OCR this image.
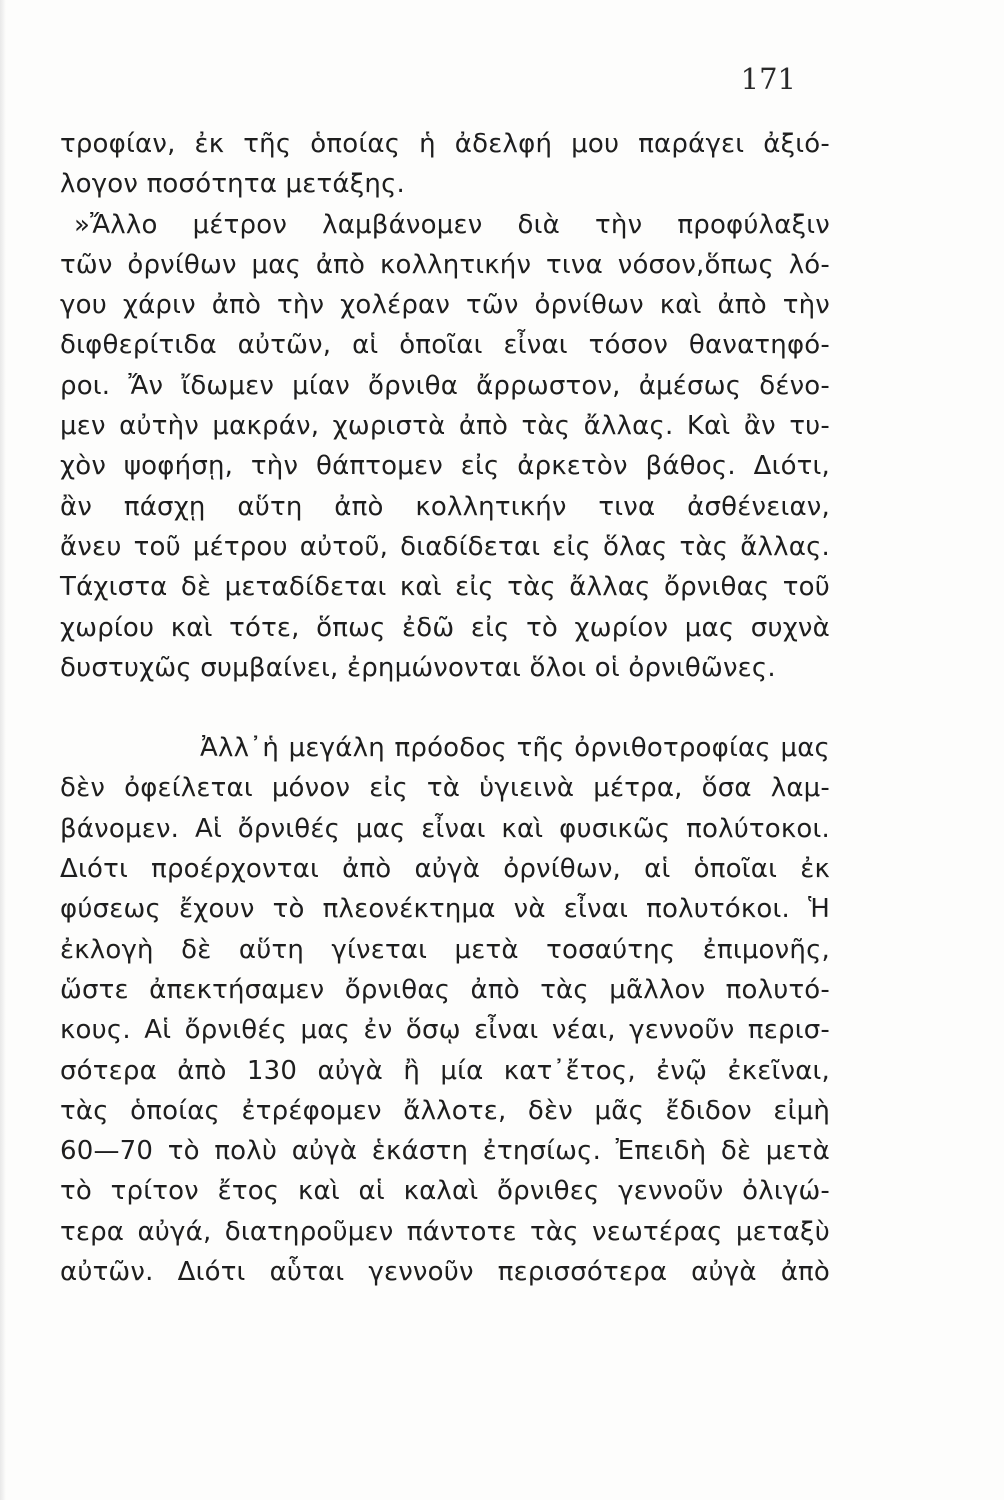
171
τροφίαν, ἐκ τῆς ὁποίας ἡ ἀδελφή μου παράγει ἀξιό-
λογον ποσότητα μετάξης.
»Ἄλλο μέτρον λαμβάνομεν διὰ τὴν προφύλαξιν
τῶν ὀρνίθων μας ἀπὸ κολλητικήν τινα νόσον,ὅπως λό-
γου χάριν ἀπὸ τὴν χολέραν τῶν ὀρνίθων καὶ ἀπὸ τὴν
διφθερίτιδα αὐτῶν, αἱ ὁποῖαι εἶναι τόσον θανατηφό-
ροι. Ἄν ἴδωμεν μίαν ὄρνιθα ἄρρωστον, ἀμέσως δένο-
μεν αὐτὴν μακράν, χωριστὰ ἀπὸ τὰς ἄλλας. Καὶ ἂν τυ-
χὸν ψοφήσῃ, τὴν θάπτομεν εἰς ἀρκετὸν βάθος. Διότι,
ἂν πάσχῃ αὕτη ἀπὸ κολλητικήν τινα ἀσθένειαν,
ἄνευ τοῦ μέτρου αὐτοῦ, διαδίδεται εἰς ὅλας τὰς ἄλλας.
Τάχιστα δὲ μεταδίδεται καὶ εἰς τὰς ἄλλας ὄρνιθας τοῦ
χωρίου καὶ τότε, ὅπως ἐδῶ εἰς τὸ χωρίον μας συχνὰ
δυστυχῶς συμβαίνει, ἐρημώνονται ὅλοι οἱ ὀρνιθῶνες.
Ἀλλ᾽ἡ μεγάλη πρόοδος τῆς ὀρνιθοτροφίας μας
δὲν ὀφείλεται μόνον εἰς τὰ ὑγιεινὰ μέτρα, ὅσα λαμ-
βάνομεν. Αἱ ὄρνιθές μας εἶναι καὶ φυσικῶς πολύτοκοι.
Διότι προέρχονται ἀπὸ αὐγὰ ὀρνίθων, αἱ ὁποῖαι ἐκ
φύσεως ἔχουν τὸ πλεονέκτημα νὰ εἶναι πολυτόκοι. Ἡ
ἐκλογὴ δὲ αὕτη γίνεται μετὰ τοσαύτης ἐπιμονῆς,
ὥστε ἀπεκτήσαμεν ὄρνιθας ἀπὸ τὰς μᾶλλον πολυτό-
κους. Αἱ ὄρνιθές μας ἐν ὅσῳ εἶναι νέαι, γεννοῦν περισ-
σότερα ἀπὸ 130 αὐγὰ ἢ μία κατ᾽ἔτος, ἐνῷ ἐκεῖναι,
τὰς ὁποίας ἐτρέφομεν ἄλλοτε, δὲν μᾶς ἔδιδον εἰμὴ
60—70 τὸ πολὺ αὐγὰ ἑκάστη ἐτησίως. Ἐπειδὴ δὲ μετὰ
τὸ τρίτον ἔτος καὶ αἱ καλαὶ ὄρνιθες γεννοῦν ὀλιγώ-
τερα αὐγά, διατηροῦμεν πάντοτε τὰς νεωτέρας μεταξὺ
αὐτῶν. Διότι αὗται γεννοῦν περισσότερα αὐγὰ ἀπὸ
